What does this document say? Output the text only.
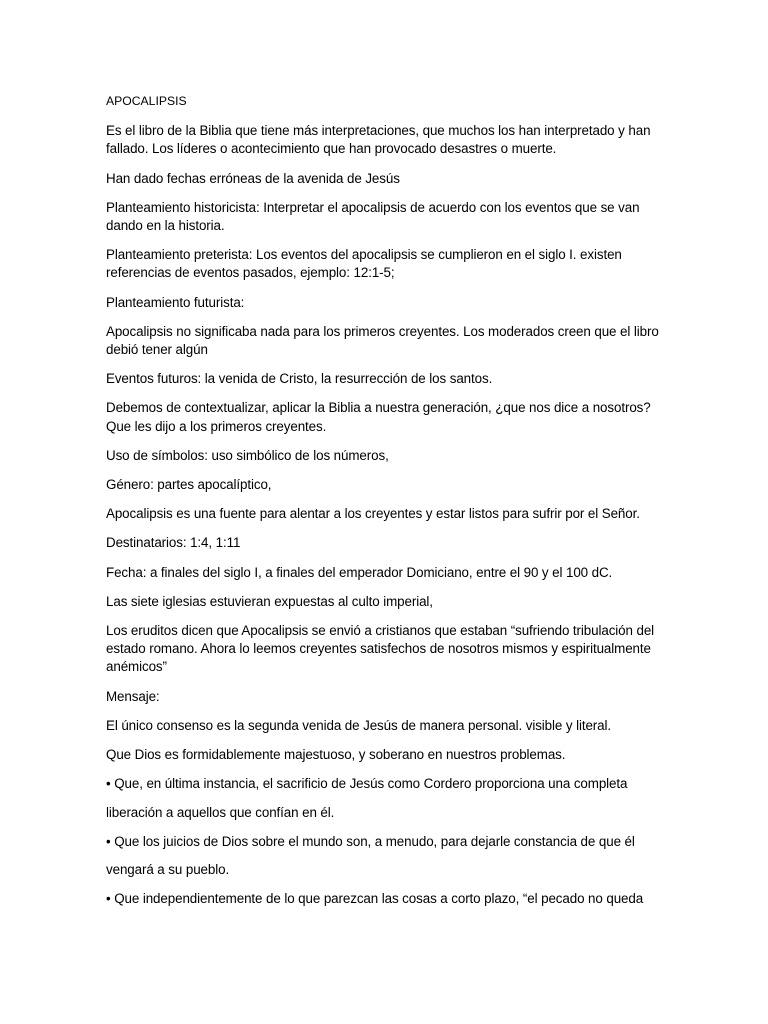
APOCALIPSIS

Es el libro de la Biblia que tiene más interpretaciones, que muchos los han interpretado y han fallado. Los líderes o acontecimiento que han provocado desastres o muerte.

Han dado fechas erróneas de la avenida de Jesús

Planteamiento historicista: Interpretar el apocalipsis de acuerdo con los eventos que se van dando en la historia.

Planteamiento preterista: Los eventos del apocalipsis se cumplieron en el siglo I. existen referencias de eventos pasados, ejemplo: 12:1-5;

Planteamiento futurista:

Apocalipsis no significaba nada para los primeros creyentes. Los moderados creen que el libro debió tener algún

Eventos futuros: la venida de Cristo, la resurrección de los santos.

Debemos de contextualizar, aplicar la Biblia a nuestra generación, ¿que nos dice a nosotros? Que les dijo a los primeros creyentes.

Uso de símbolos: uso simbólico de los números,

Género: partes apocalíptico,

Apocalipsis es una fuente para alentar a los creyentes y estar listos para sufrir por el Señor.

Destinatarios: 1:4, 1:11

Fecha: a finales del siglo I, a finales del emperador Domiciano, entre el 90 y el 100 dC.

Las siete iglesias estuvieran expuestas al culto imperial,

Los eruditos dicen que Apocalipsis se envió a cristianos que estaban “sufriendo tribulación del estado romano. Ahora lo leemos creyentes satisfechos de nosotros mismos y espiritualmente anémicos”

Mensaje:

El único consenso es la segunda venida de Jesús de manera personal. visible y literal.

Que Dios es formidablemente majestuoso, y soberano en nuestros problemas.

• Que, en última instancia, el sacrificio de Jesús como Cordero proporciona una completa

liberación a aquellos que confían en él.

• Que los juicios de Dios sobre el mundo son, a menudo, para dejarle constancia de que él

vengará a su pueblo.

• Que independientemente de lo que parezcan las cosas a corto plazo, “el pecado no queda
